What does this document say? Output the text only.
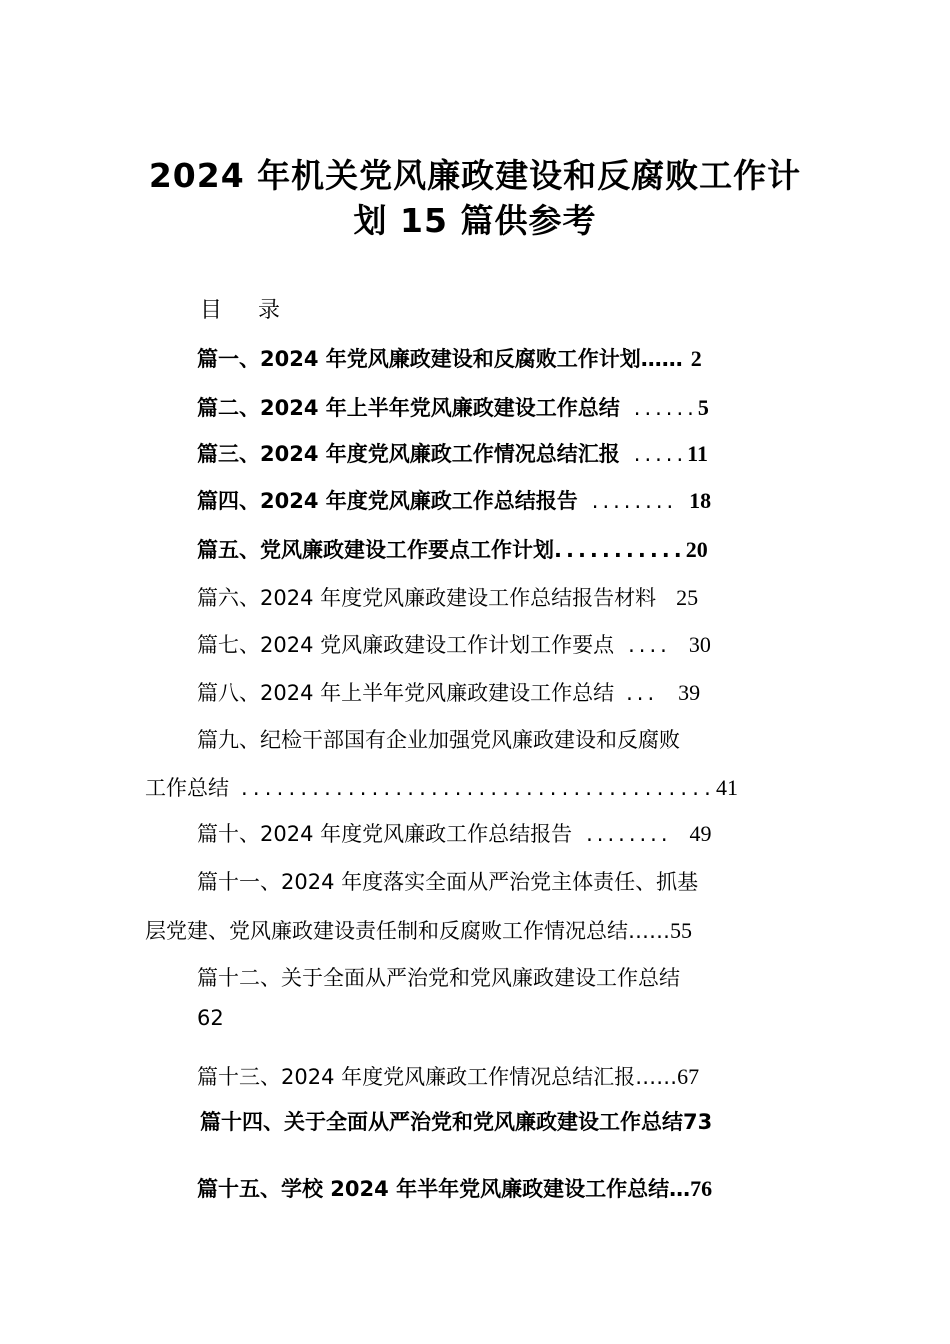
2024 年机关党风廉政建设和反腐败工作计
划 15 篇供参考
目 录
篇一、2024 年党风廉政建设和反腐败工作计划…… 2
篇二、2024 年上半年党风廉政建设工作总结 ......5
篇三、2024 年度党风廉政工作情况总结汇报 .....11
篇四、2024 年度党风廉政工作总结报告 ........ 18
篇五、党风廉政建设工作要点工作计划...........20
篇六、2024 年度党风廉政建设工作总结报告材料 25
篇七、2024 党风廉政建设工作计划工作要点 .... 30
篇八、2024 年上半年党风廉政建设工作总结 ... 39
篇九、纪检干部国有企业加强党风廉政建设和反腐败
工作总结 ........................................41
篇十、2024 年度党风廉政工作总结报告 ........ 49
篇十一、2024 年度落实全面从严治党主体责任、抓基
层党建、党风廉政建设责任制和反腐败工作情况总结……55
篇十二、关于全面从严治党和党风廉政建设工作总结
62
篇十三、2024 年度党风廉政工作情况总结汇报……67
篇十四、关于全面从严治党和党风廉政建设工作总结73
篇十五、学校 2024 年半年党风廉政建设工作总结…76
